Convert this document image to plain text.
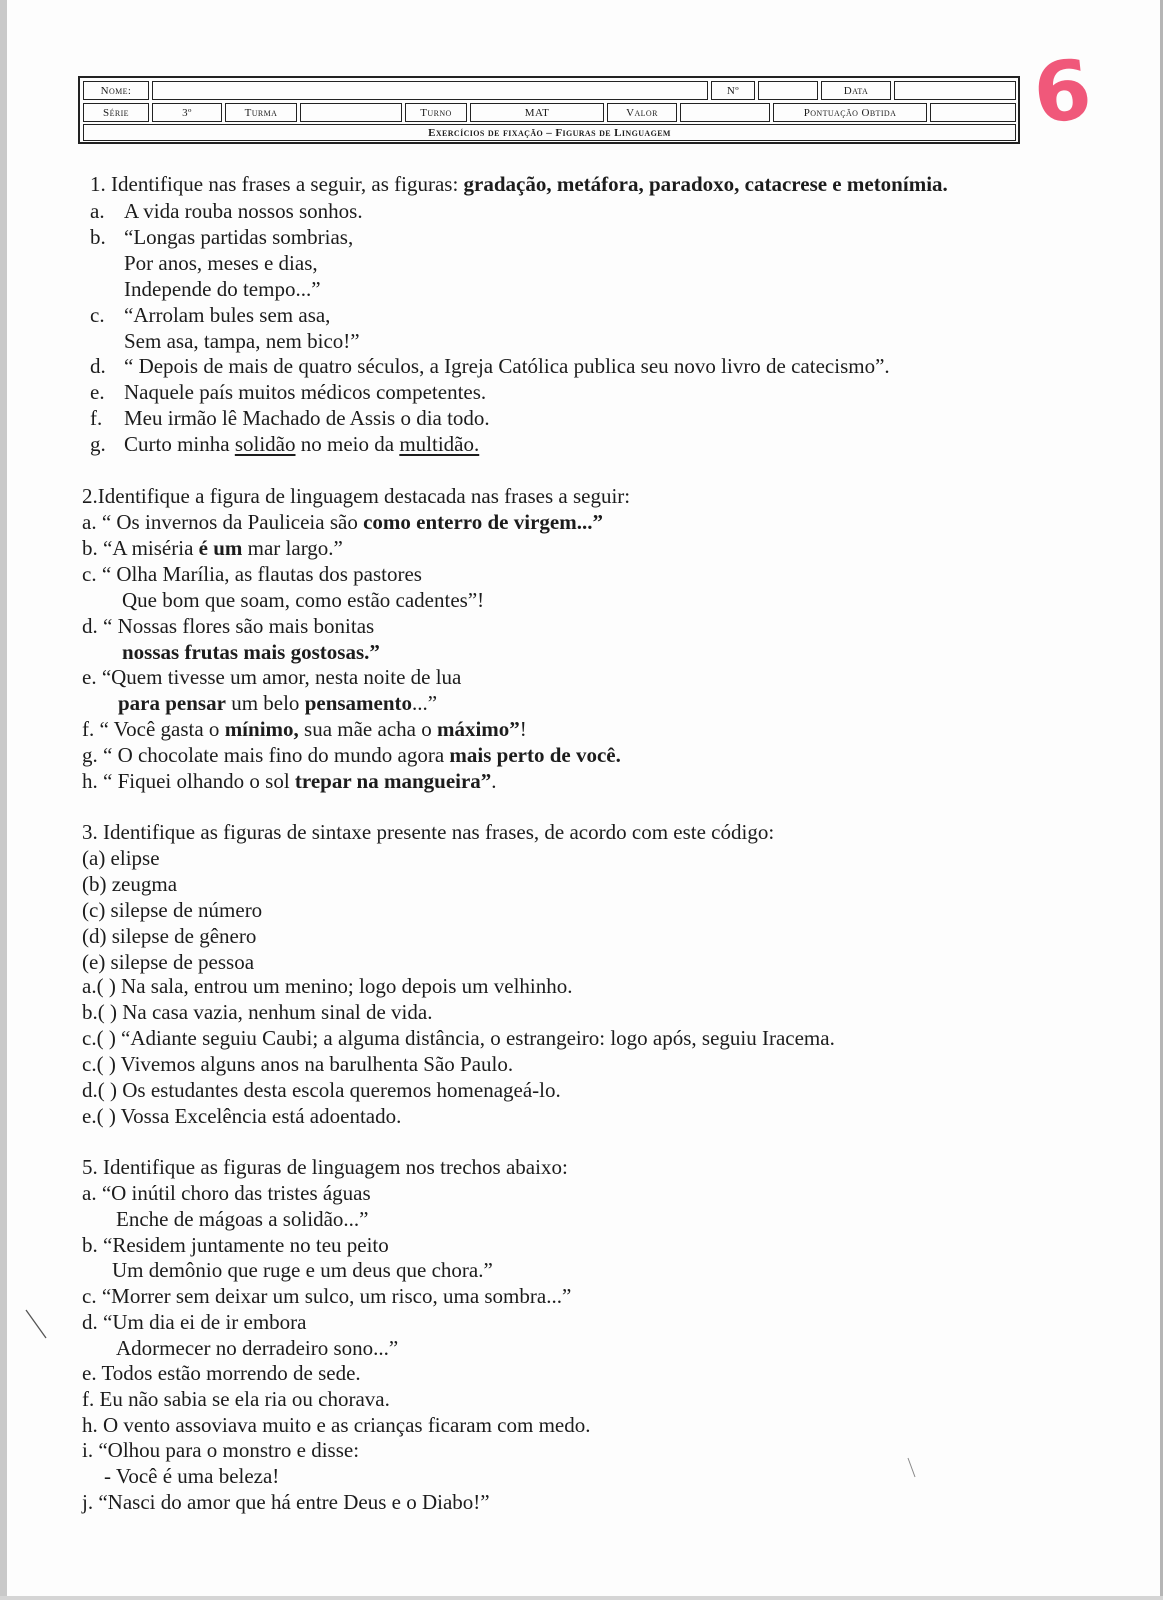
Nome:	Nº	Data
Série	3º	Turma	Turno	MAT	Valor	Pontuação Obtida
Exercícios de fixação – Figuras de Linguagem	6
1. Identifique nas frases a seguir, as figuras: gradação, metáfora, paradoxo, catacrese e metonímia.
a. A vida rouba nossos sonhos.
b. “Longas partidas sombrias,
Por anos, meses e dias,
Independe do tempo...”
c. “Arrolam bules sem asa,
Sem asa, tampa, nem bico!”
d. “ Depois de mais de quatro séculos, a Igreja Católica publica seu novo livro de catecismo”.
e. Naquele país muitos médicos competentes.
f. Meu irmão lê Machado de Assis o dia todo.
g. Curto minha solidão no meio da multidão.
2.Identifique a figura de linguagem destacada nas frases a seguir:
a. “ Os invernos da Pauliceia são como enterro de virgem...”
b. “A miséria é um mar largo.”
c. “ Olha Marília, as flautas dos pastores
Que bom que soam, como estão cadentes”!
d. “ Nossas flores são mais bonitas
nossas frutas mais gostosas.”
e. “Quem tivesse um amor, nesta noite de lua
para pensar um belo pensamento...”
f. “ Você gasta o mínimo, sua mãe acha o máximo”!
g. “ O chocolate mais fino do mundo agora mais perto de você.
h. “ Fiquei olhando o sol trepar na mangueira”.
3. Identifique as figuras de sintaxe presente nas frases, de acordo com este código:
(a) elipse
(b) zeugma
(c) silepse de número
(d) silepse de gênero
(e) silepse de pessoa
a.( ) Na sala, entrou um menino; logo depois um velhinho.
b.( ) Na casa vazia, nenhum sinal de vida.
c.( ) “Adiante seguiu Caubi; a alguma distância, o estrangeiro: logo após, seguiu Iracema.
c.( ) Vivemos alguns anos na barulhenta São Paulo.
d.( ) Os estudantes desta escola queremos homenageá-lo.
e.( ) Vossa Excelência está adoentado.
5. Identifique as figuras de linguagem nos trechos abaixo:
a. “O inútil choro das tristes águas
Enche de mágoas a solidão...”
b. “Residem juntamente no teu peito
Um demônio que ruge e um deus que chora.”
c. “Morrer sem deixar um sulco, um risco, uma sombra...”
d. “Um dia ei de ir embora
Adormecer no derradeiro sono...”
e. Todos estão morrendo de sede.
f. Eu não sabia se ela ria ou chorava.
h. O vento assoviava muito e as crianças ficaram com medo.
i. “Olhou para o monstro e disse:
- Você é uma beleza!
j. “Nasci do amor que há entre Deus e o Diabo!”
